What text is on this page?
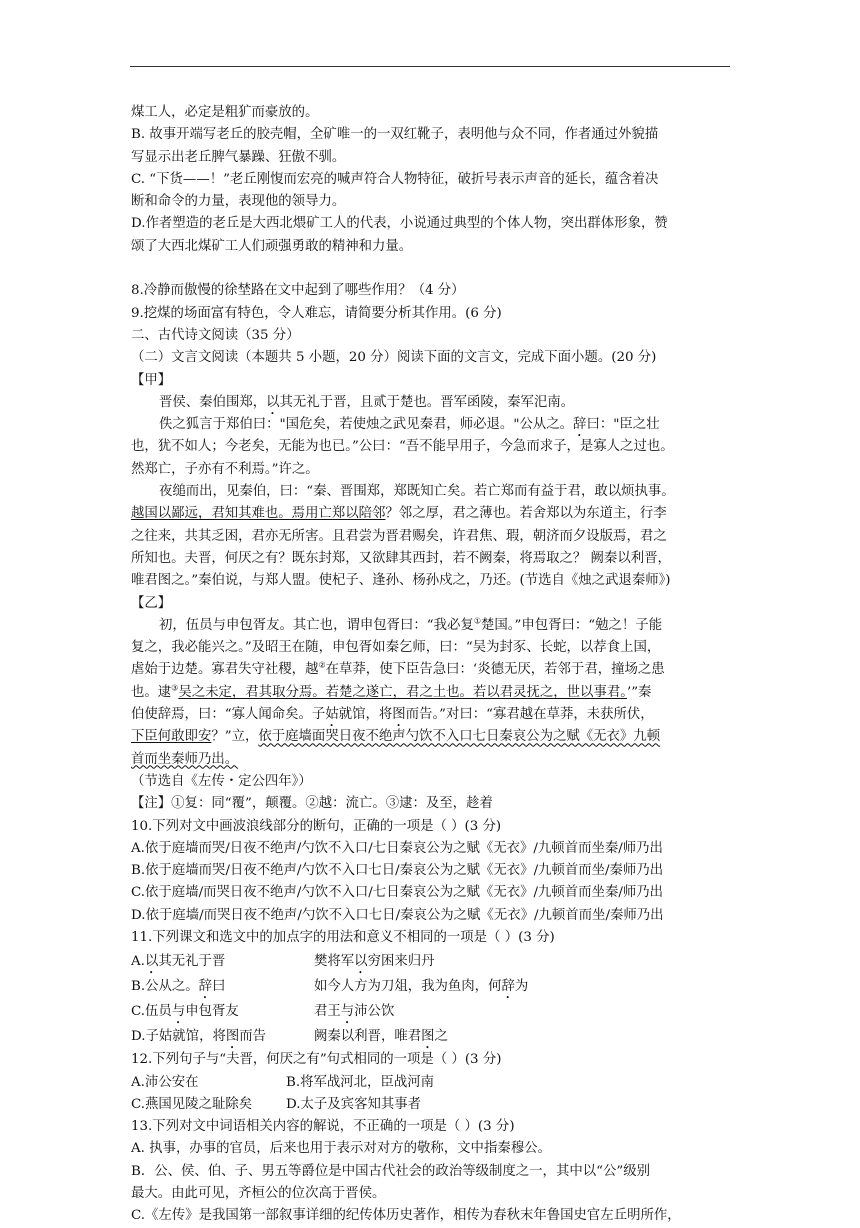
煤工人，必定是粗犷而豪放的。
B. 故事开端写老丘的胶壳帽，全矿唯一的一双红靴子，表明他与众不同，作者通过外貌描
写显示出老丘脾气暴躁、狂傲不驯。
C. “下货——！”老丘刚愎而宏亮的喊声符合人物特征，破折号表示声音的延长，蕴含着决
断和命令的力量，表现他的领导力。
D.作者塑造的老丘是大西北煨矿工人的代表，小说通过典型的个体人物，突出群体形象，赞
颂了大西北煤矿工人们顽强勇敢的精神和力量。
8.冷静而傲慢的徐埜路在文中起到了哪些作用？（4 分）
9.挖煤的场面富有特色，令人难忘，请简要分析其作用。(6 分)
二、古代诗文阅读（35 分）
（二）文言文阅读（本题共 5 小题，20 分）阅读下面的文言文，完成下面小题。(20 分)
【甲】
晋侯、秦伯围郑，以其无礼于晋，且贰于楚也。晋军函陵，秦军汜南。
佚之狐言于郑伯曰："国危矣，若使烛之武见秦君，师必退。"公从之。辞曰："臣之壮
也，犹不如人；今老矣，无能为也已。”公曰：“吾不能早用子，今急而求子，是寡人之过也。
然郑亡，子亦有不利焉。”许之。
夜缒而出，见秦伯，曰：“秦、晋围郑，郑既知亡矣。若亡郑而有益于君，敢以烦执事。
越国以鄙远，君知其难也。焉用亡郑以陪邻？邻之厚，君之薄也。若舍郑以为东道主，行李
之往来，共其乏困，君亦无所害。且君尝为晋君赐矣，许君焦、瑕，朝济而夕设版焉，君之
所知也。夫晋，何厌之有？既东封郑，又欲肆其西封，若不阙秦，将焉取之？ 阙秦以利晋，
唯君图之。”秦伯说，与郑人盟。使杞子、逢孙、杨孙戍之，乃还。(节选自《烛之武退秦师》)
【乙】
初，伍员与申包胥友。其亡也，谓申包胥曰：“我必复①楚国。”申包胥曰：“勉之！子能
复之，我必能兴之。”及昭王在随，申包胥如秦乞师，曰：“吴为封豕、长蛇，以荐食上国，
虐始于边楚。寡君失守社稷，越②在草莽，使下臣告急曰：‘炎德无厌，若邻于君，撞场之患
也。逮③吴之未定，君其取分焉。若楚之遂亡，君之土也。若以君灵抚之，世以事君。’”秦
伯使辞焉，曰：“寡人闻命矣。子姑就馆，将图而告。”对曰：“寡君越在草莽，未获所伏，
下臣何敢即安？”立，依于庭墙面哭日夜不绝声勺饮不入口七日秦哀公为之赋《无衣》九顿
首而坐秦师乃出。
（节选自《左传・定公四年》）
【注】①复：同“覆”，颠覆。②越：流亡。③逮：及至，趁着
10.下列对文中画波浪线部分的断句，正确的一项是（ ）(3 分)
A.依于庭墙而哭/日夜不绝声/勺饮不入口/七日秦哀公为之赋《无衣》/九顿首而坐秦/师乃出
B.依于庭墙而哭/日夜不绝声/勺饮不入口七日/秦哀公为之赋《无衣》/九顿首而坐/秦师乃出
C.依于庭墙/而哭日夜不绝声/勺饮不入口/七日秦哀公为之赋《无衣》/九顿首而坐秦/师乃出
D.依于庭墙/而哭日夜不绝声/勺饮不入口七日/秦哀公为之赋《无衣》/九顿首而坐/秦师乃出
11.下列课文和选文中的加点字的用法和意义不相同的一项是（ ）(3 分)
A.以其无礼于晋	樊将军以穷困来归丹
B.公从之。辞曰	如今人方为刀俎，我为鱼肉，何辞为
C.伍员与申包胥友	君王与沛公饮
D.子姑就馆，将图而告	阙秦以利晋，唯君图之
12.下列句子与“夫晋，何厌之有”句式相同的一项是（ ）(3 分)
A.沛公安在	B.将军战河北，臣战河南
C.燕国见陵之耻除矣	D.太子及宾客知其事者
13.下列对文中词语相关内容的解说，不正确的一项是（ ）(3 分)
A. 执事，办事的官员，后来也用于表示对对方的敬称，文中指秦穆公。
B．公、侯、伯、子、男五等爵位是中国古代社会的政治等级制度之一，其中以“公”级别
最大。由此可见，齐桓公的位次高于晋侯。
C.《左传》是我国第一部叙事详细的纪传体历史著作，相传为春秋末年鲁国史官左丘明所作，
